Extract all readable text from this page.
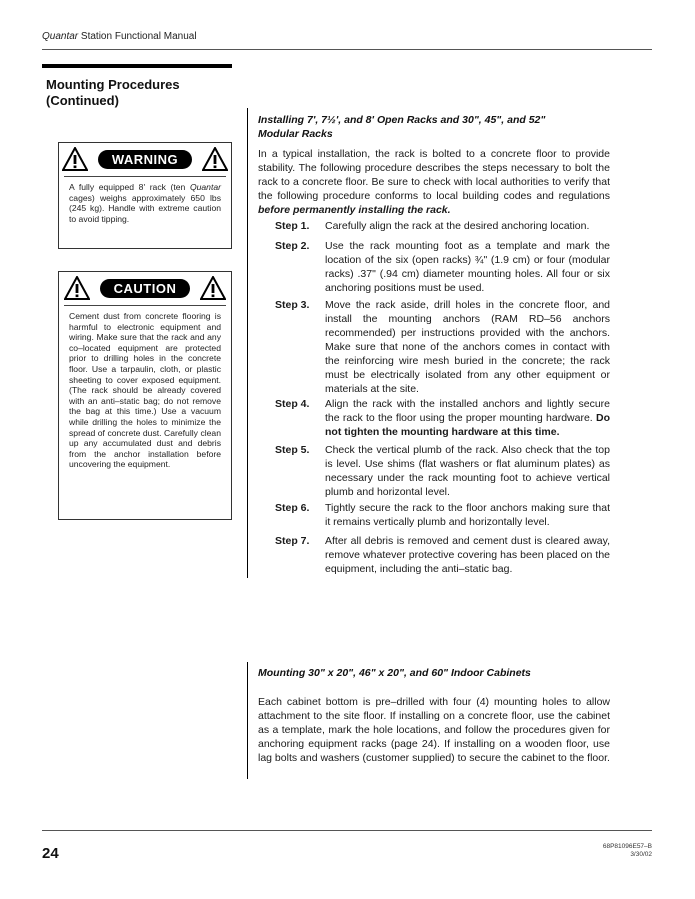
Quantar Station Functional Manual
Mounting Procedures
(Continued)
WARNING

A fully equipped 8' rack (ten Quantar cages) weighs approximately 650 lbs (245 kg). Handle with extreme caution to avoid tipping.

CAUTION

Cement dust from concrete flooring is harmful to electronic equipment and wiring. Make sure that the rack and any co–located equipment are protected prior to drilling holes in the concrete floor. Use a tarpaulin, cloth, or plastic sheeting to cover exposed equipment. (The rack should be already covered with an anti–static bag; do not remove the bag at this time.) Use a vacuum while drilling the holes to minimize the spread of concrete dust. Carefully clean up any accumulated dust and debris from the anchor installation before uncovering the equipment.

Installing 7', 7½', and 8' Open Racks and 30", 45", and 52" Modular Racks

In a typical installation, the rack is bolted to a concrete floor to provide stability. The following procedure describes the steps necessary to bolt the rack to a concrete floor. Be sure to check with local authorities to verify that the following procedure conforms to local building codes and regulations before permanently installing the rack.

Step 1.	Carefully align the rack at the desired anchoring location.
Step 2.	Use the rack mounting foot as a template and mark the location of the six (open racks) ¾" (1.9 cm) or four (modular racks) .37" (.94 cm) diameter mounting holes. All four or six anchoring positions must be used.
Step 3.	Move the rack aside, drill holes in the concrete floor, and install the mounting anchors (RAM RD–56 anchors recommended) per instructions provided with the anchors. Make sure that none of the anchors comes in contact with the reinforcing wire mesh buried in the concrete; the rack must be electrically isolated from any other equipment or materials at the site.
Step 4.	Align the rack with the installed anchors and lightly secure the rack to the floor using the proper mounting hardware. Do not tighten the mounting hardware at this time.
Step 5.	Check the vertical plumb of the rack. Also check that the top is level. Use shims (flat washers or flat aluminum plates) as necessary under the rack mounting foot to achieve vertical plumb and horizontal level.
Step 6.	Tightly secure the rack to the floor anchors making sure that it remains vertically plumb and horizontally level.
Step 7.	After all debris is removed and cement dust is cleared away, remove whatever protective covering has been placed on the equipment, including the anti–static bag.
Mounting 30" x 20", 46" x 20", and 60" Indoor Cabinets

Each cabinet bottom is pre–drilled with four (4) mounting holes to allow attachment to the site floor. If installing on a concrete floor, use the cabinet as a template, mark the hole locations, and follow the procedures given for anchoring equipment racks (page 24). If installing on a wooden floor, use lag bolts and washers (customer supplied) to secure the cabinet to the floor.

24	68P81096E57–B
3/30/02
